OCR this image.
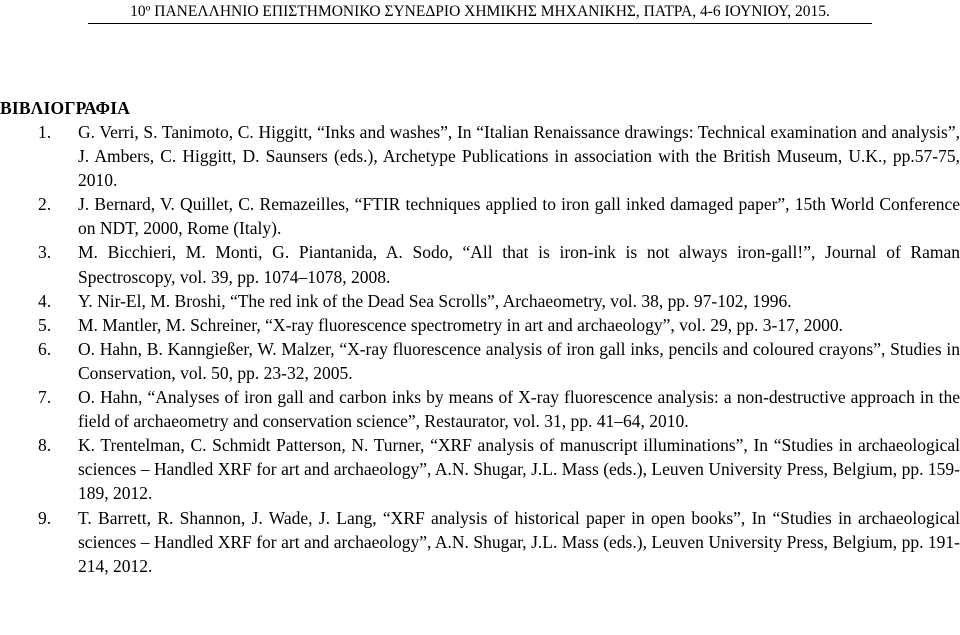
10º ΠΑΝΕΛΛΗΝΙΟ ΕΠΙΣΤΗΜΟΝΙΚΟ ΣΥΝΕΔΡΙΟ ΧΗΜΙΚΗΣ ΜΗΧΑΝΙΚΗΣ, ΠΑΤΡΑ, 4-6 ΙΟΥΝΙΟΥ, 2015.
ΒΙΒΛΙΟΓΡΑΦΙΑ
1. G. Verri, S. Tanimoto, C. Higgitt, “Inks and washes”, In “Italian Renaissance drawings: Technical examination and analysis”, J. Ambers, C. Higgitt, D. Saunsers (eds.), Archetype Publications in association with the British Museum, U.K., pp.57-75, 2010.
2. J. Bernard, V. Quillet, C. Remazeilles, “FTIR techniques applied to iron gall inked damaged paper”, 15th World Conference on NDT, 2000, Rome (Italy).
3. M. Bicchieri, M. Monti, G. Piantanida, A. Sodo, “All that is iron-ink is not always iron-gall!”, Journal of Raman Spectroscopy, vol. 39, pp. 1074–1078, 2008.
4. Y. Nir-El, M. Broshi, “The red ink of the Dead Sea Scrolls”, Archaeometry, vol. 38, pp. 97-102, 1996.
5. M. Mantler, M. Schreiner, “X-ray fluorescence spectrometry in art and archaeology”, vol. 29, pp. 3-17, 2000.
6. O. Hahn, B. Kanngießer, W. Malzer, “X-ray fluorescence analysis of iron gall inks, pencils and coloured crayons”, Studies in Conservation, vol. 50, pp. 23-32, 2005.
7. O. Hahn, “Analyses of iron gall and carbon inks by means of X-ray fluorescence analysis: a non-destructive approach in the field of archaeometry and conservation science”, Restaurator, vol. 31, pp. 41–64, 2010.
8. K. Trentelman, C. Schmidt Patterson, N. Turner, “XRF analysis of manuscript illuminations”, In “Studies in archaeological sciences – Handled XRF for art and archaeology”, A.N. Shugar, J.L. Mass (eds.), Leuven University Press, Belgium, pp. 159-189, 2012.
9. T. Barrett, R. Shannon, J. Wade, J. Lang, “XRF analysis of historical paper in open books”, In “Studies in archaeological sciences – Handled XRF for art and archaeology”, A.N. Shugar, J.L. Mass (eds.), Leuven University Press, Belgium, pp. 191-214, 2012.
